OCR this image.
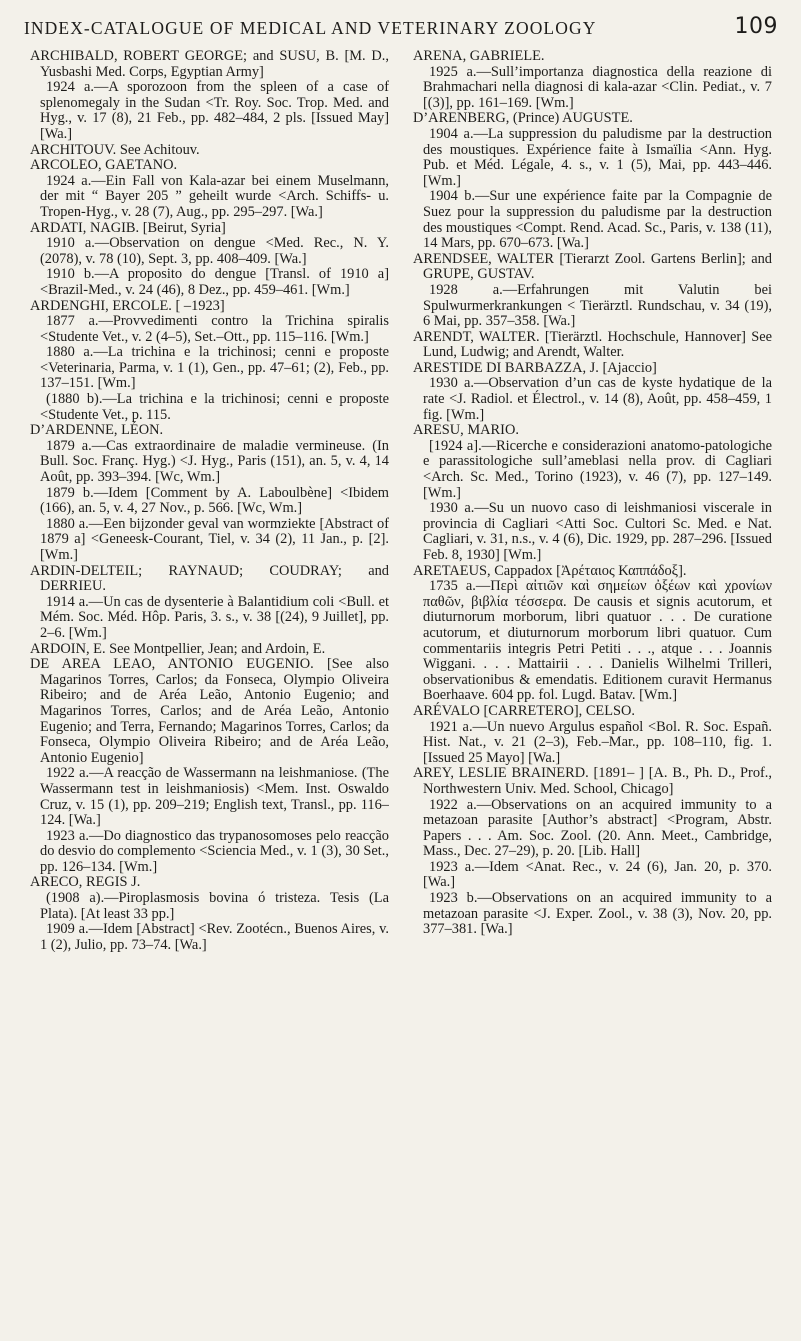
INDEX-CATALOGUE OF MEDICAL AND VETERINARY ZOOLOGY	109

ARCHIBALD, ROBERT GEORGE; and SUSU, B. [M. D., Yusbashi Med. Corps, Egyptian Army]

1924 a.—A sporozoon from the spleen of a case of splenomegaly in the Sudan <Tr. Roy. Soc. Trop. Med. and Hyg., v. 17 (8), 21 Feb., pp. 482–484, 2 pls. [Issued May] [Wa.]

ARCHITOUV. See Achitouv.

ARCOLEO, GAETANO.

1924 a.—Ein Fall von Kala-azar bei einem Muselmann, der mit “ Bayer 205 ” geheilt wurde <Arch. Schiffs- u. Tropen-Hyg., v. 28 (7), Aug., pp. 295–297. [Wa.]

ARDATI, NAGIB. [Beirut, Syria]

1910 a.—Observation on dengue <Med. Rec., N. Y. (2078), v. 78 (10), Sept. 3, pp. 408–409. [Wa.]

1910 b.—A proposito do dengue [Transl. of 1910 a] <Brazil-Med., v. 24 (46), 8 Dez., pp. 459–461. [Wm.]

ARDENGHI, ERCOLE. [ –1923]

1877 a.—Provvedimenti contro la Trichina spiralis <Studente Vet., v. 2 (4–5), Set.–Ott., pp. 115–116. [Wm.]

1880 a.—La trichina e la trichinosi; cenni e proposte <Veterinaria, Parma, v. 1 (1), Gen., pp. 47–61; (2), Feb., pp. 137–151. [Wm.]

(1880 b).—La trichina e la trichinosi; cenni e proposte <Studente Vet., p. 115.

D’ARDENNE, LÉON.

1879 a.—Cas extraordinaire de maladie vermineuse. (In Bull. Soc. Franç. Hyg.) <J. Hyg., Paris (151), an. 5, v. 4, 14 Août, pp. 393–394. [Wc, Wm.]

1879 b.—Idem [Comment by A. Laboulbène] <Ibidem (166), an. 5, v. 4, 27 Nov., p. 566. [Wc, Wm.]

1880 a.—Een bijzonder geval van wormziekte [Abstract of 1879 a] <Geneesk-Courant, Tiel, v. 34 (2), 11 Jan., p. [2]. [Wm.]

ARDIN-DELTEIL; RAYNAUD; COUDRAY; and DERRIEU.

1914 a.—Un cas de dysenterie à Balantidium coli <Bull. et Mém. Soc. Méd. Hôp. Paris, 3. s., v. 38 [(24), 9 Juillet], pp. 2–6. [Wm.]

ARDOIN, E. See Montpellier, Jean; and Ardoin, E.

DE AREA LEAO, ANTONIO EUGENIO. [See also Magarinos Torres, Carlos; da Fonseca, Olympio Oliveira Ribeiro; and de Aréa Leão, Antonio Eugenio; and Magarinos Torres, Carlos; and de Aréa Leão, Antonio Eugenio; and Terra, Fernando; Magarinos Torres, Carlos; da Fonseca, Olympio Oliveira Ribeiro; and de Aréa Leão, Antonio Eugenio]

1922 a.—A reacção de Wassermann na leishmaniose. (The Wassermann test in leishmaniosis) <Mem. Inst. Oswaldo Cruz, v. 15 (1), pp. 209–219; English text, Transl., pp. 116–124. [Wa.]

1923 a.—Do diagnostico das trypanosomoses pelo reacção do desvio do complemento <Sciencia Med., v. 1 (3), 30 Set., pp. 126–134. [Wm.]

ARECO, REGIS J.

(1908 a).—Piroplasmosis bovina ó tristeza. Tesis (La Plata). [At least 33 pp.]

1909 a.—Idem [Abstract] <Rev. Zootécn., Buenos Aires, v. 1 (2), Julio, pp. 73–74. [Wa.]

ARENA, GABRIELE.

1925 a.—Sull’importanza diagnostica della reazione di Brahmachari nella diagnosi di kala-azar <Clin. Pediat., v. 7 [(3)], pp. 161–169. [Wm.]

D’ARENBERG, (Prince) AUGUSTE.

1904 a.—La suppression du paludisme par la destruction des moustiques. Expérience faite à Ismaïlia <Ann. Hyg. Pub. et Méd. Légale, 4. s., v. 1 (5), Mai, pp. 443–446. [Wm.]

1904 b.—Sur une expérience faite par la Compagnie de Suez pour la suppression du paludisme par la destruction des moustiques <Compt. Rend. Acad. Sc., Paris, v. 138 (11), 14 Mars, pp. 670–673. [Wa.]

ARENDSEE, WALTER [Tierarzt Zool. Gartens Berlin]; and GRUPE, GUSTAV.

1928 a.—Erfahrungen mit Valutin bei Spulwurmerkrankungen < Tierärztl. Rundschau, v. 34 (19), 6 Mai, pp. 357–358. [Wa.]

ARENDT, WALTER. [Tierärztl. Hochschule, Hannover] See Lund, Ludwig; and Arendt, Walter.

ARESTIDE DI BARBAZZA, J. [Ajaccio]

1930 a.—Observation d’un cas de kyste hydatique de la rate <J. Radiol. et Électrol., v. 14 (8), Août, pp. 458–459, 1 fig. [Wm.]

ARESU, MARIO.

[1924 a].—Ricerche e considerazioni anatomo-patologiche e parassitologiche sull’ameblasi nella prov. di Cagliari <Arch. Sc. Med., Torino (1923), v. 46 (7), pp. 127–149. [Wm.]

1930 a.—Su un nuovo caso di leishmaniosi viscerale in provincia di Cagliari <Atti Soc. Cultori Sc. Med. e Nat. Cagliari, v. 31, n.s., v. 4 (6), Dic. 1929, pp. 287–296. [Issued Feb. 8, 1930] [Wm.]

ARETAEUS, Cappadox [Ἀρέταιος Καππάδοξ].

1735 a.—Περὶ αἰτιῶν καὶ σημείων ὀξέων καὶ χρονίων παθῶν, βιβλία τέσσερα. De causis et signis acutorum, et diuturnorum morborum, libri quatuor . . . De curatione acutorum, et diuturnorum morborum libri quatuor. Cum commentariis integris Petri Petiti . . ., atque . . . Joannis Wiggani. . . . Mattairii . . . Danielis Wilhelmi Trilleri, observationibus & emendatis. Editionem curavit Hermanus Boerhaave. 604 pp. fol. Lugd. Batav. [Wm.]

ARÉVALO [CARRETERO], CELSO.

1921 a.—Un nuevo Argulus español <Bol. R. Soc. Españ. Hist. Nat., v. 21 (2–3), Feb.–Mar., pp. 108–110, fig. 1. [Issued 25 Mayo] [Wa.]

AREY, LESLIE BRAINERD. [1891– ] [A. B., Ph. D., Prof., Northwestern Univ. Med. School, Chicago]

1922 a.—Observations on an acquired immunity to a metazoan parasite [Author’s abstract] <Program, Abstr. Papers . . . Am. Soc. Zool. (20. Ann. Meet., Cambridge, Mass., Dec. 27–29), p. 20. [Lib. Hall]

1923 a.—Idem <Anat. Rec., v. 24 (6), Jan. 20, p. 370. [Wa.]

1923 b.—Observations on an acquired immunity to a metazoan parasite <J. Exper. Zool., v. 38 (3), Nov. 20, pp. 377–381. [Wa.]
